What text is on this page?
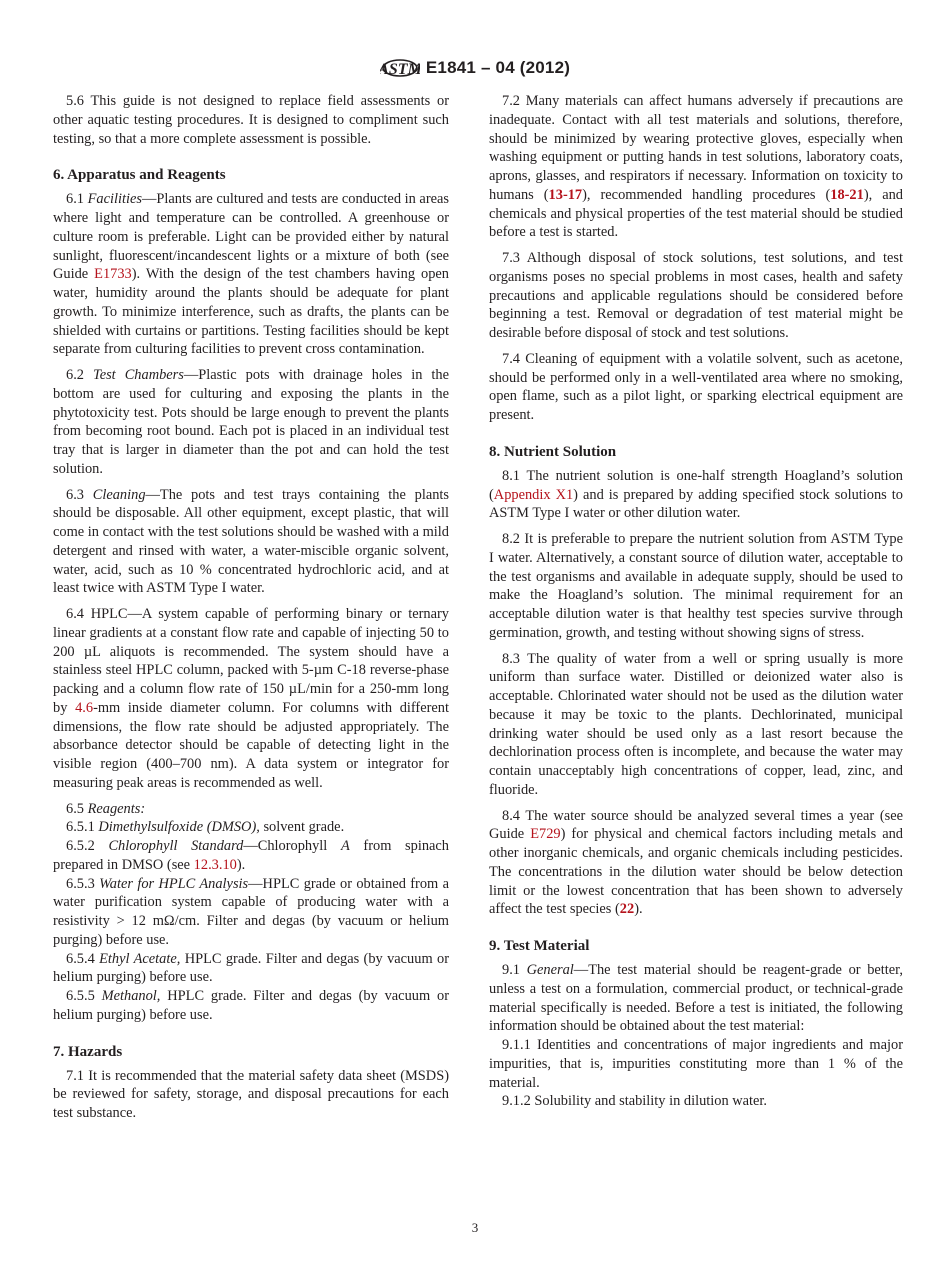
ASTM E1841 – 04 (2012)

5.6 This guide is not designed to replace field assessments or other aquatic testing procedures. It is designed to compliment such testing, so that a more complete assessment is possible.

6. Apparatus and Reagents

6.1 Facilities—Plants are cultured and tests are conducted in areas where light and temperature can be controlled. A greenhouse or culture room is preferable. Light can be provided either by natural sunlight, fluorescent/incandescent lights or a mixture of both (see Guide E1733). With the design of the test chambers having open water, humidity around the plants should be adequate for plant growth. To minimize interference, such as drafts, the plants can be shielded with curtains or partitions. Testing facilities should be kept separate from culturing facilities to prevent cross contamination.

6.2 Test Chambers—Plastic pots with drainage holes in the bottom are used for culturing and exposing the plants in the phytotoxicity test. Pots should be large enough to prevent the plants from becoming root bound. Each pot is placed in an individual test tray that is larger in diameter than the pot and can hold the test solution.

6.3 Cleaning—The pots and test trays containing the plants should be disposable. All other equipment, except plastic, that will come in contact with the test solutions should be washed with a mild detergent and rinsed with water, a water-miscible organic solvent, water, acid, such as 10 % concentrated hydrochloric acid, and at least twice with ASTM Type I water.

6.4 HPLC—A system capable of performing binary or ternary linear gradients at a constant flow rate and capable of injecting 50 to 200 µL aliquots is recommended. The system should have a stainless steel HPLC column, packed with 5-µm C-18 reverse-phase packing and a column flow rate of 150 µL/min for a 250-mm long by 4.6-mm inside diameter column. For columns with different dimensions, the flow rate should be adjusted appropriately. The absorbance detector should be capable of detecting light in the visible region (400–700 nm). A data system or integrator for measuring peak areas is recommended as well.

6.5 Reagents:

6.5.1 Dimethylsulfoxide (DMSO), solvent grade.

6.5.2 Chlorophyll Standard—Chlorophyll A from spinach prepared in DMSO (see 12.3.10).

6.5.3 Water for HPLC Analysis—HPLC grade or obtained from a water purification system capable of producing water with a resistivity > 12 mΩ/cm. Filter and degas (by vacuum or helium purging) before use.

6.5.4 Ethyl Acetate, HPLC grade. Filter and degas (by vacuum or helium purging) before use.

6.5.5 Methanol, HPLC grade. Filter and degas (by vacuum or helium purging) before use.

7. Hazards

7.1 It is recommended that the material safety data sheet (MSDS) be reviewed for safety, storage, and disposal precautions for each test substance.

7.2 Many materials can affect humans adversely if precautions are inadequate. Contact with all test materials and solutions, therefore, should be minimized by wearing protective gloves, especially when washing equipment or putting hands in test solutions, laboratory coats, aprons, glasses, and respirators if necessary. Information on toxicity to humans (13-17), recommended handling procedures (18-21), and chemicals and physical properties of the test material should be studied before a test is started.

7.3 Although disposal of stock solutions, test solutions, and test organisms poses no special problems in most cases, health and safety precautions and applicable regulations should be considered before beginning a test. Removal or degradation of test material might be desirable before disposal of stock and test solutions.

7.4 Cleaning of equipment with a volatile solvent, such as acetone, should be performed only in a well-ventilated area where no smoking, open flame, such as a pilot light, or sparking electrical equipment are present.

8. Nutrient Solution

8.1 The nutrient solution is one-half strength Hoagland’s solution (Appendix X1) and is prepared by adding specified stock solutions to ASTM Type I water or other dilution water.

8.2 It is preferable to prepare the nutrient solution from ASTM Type I water. Alternatively, a constant source of dilution water, acceptable to the test organisms and available in adequate supply, should be used to make the Hoagland’s solution. The minimal requirement for an acceptable dilution water is that healthy test species survive through germination, growth, and testing without showing signs of stress.

8.3 The quality of water from a well or spring usually is more uniform than surface water. Distilled or deionized water also is acceptable. Chlorinated water should not be used as the dilution water because it may be toxic to the plants. Dechlorinated, municipal drinking water should be used only as a last resort because the dechlorination process often is incomplete, and because the water may contain unacceptably high concentrations of copper, lead, zinc, and fluoride.

8.4 The water source should be analyzed several times a year (see Guide E729) for physical and chemical factors including metals and other inorganic chemicals, and organic chemicals including pesticides. The concentrations in the dilution water should be below detection limit or the lowest concentration that has been shown to adversely affect the test species (22).

9. Test Material

9.1 General—The test material should be reagent-grade or better, unless a test on a formulation, commercial product, or technical-grade material specifically is needed. Before a test is initiated, the following information should be obtained about the test material:

9.1.1 Identities and concentrations of major ingredients and major impurities, that is, impurities constituting more than 1 % of the material.

9.1.2 Solubility and stability in dilution water.

3
